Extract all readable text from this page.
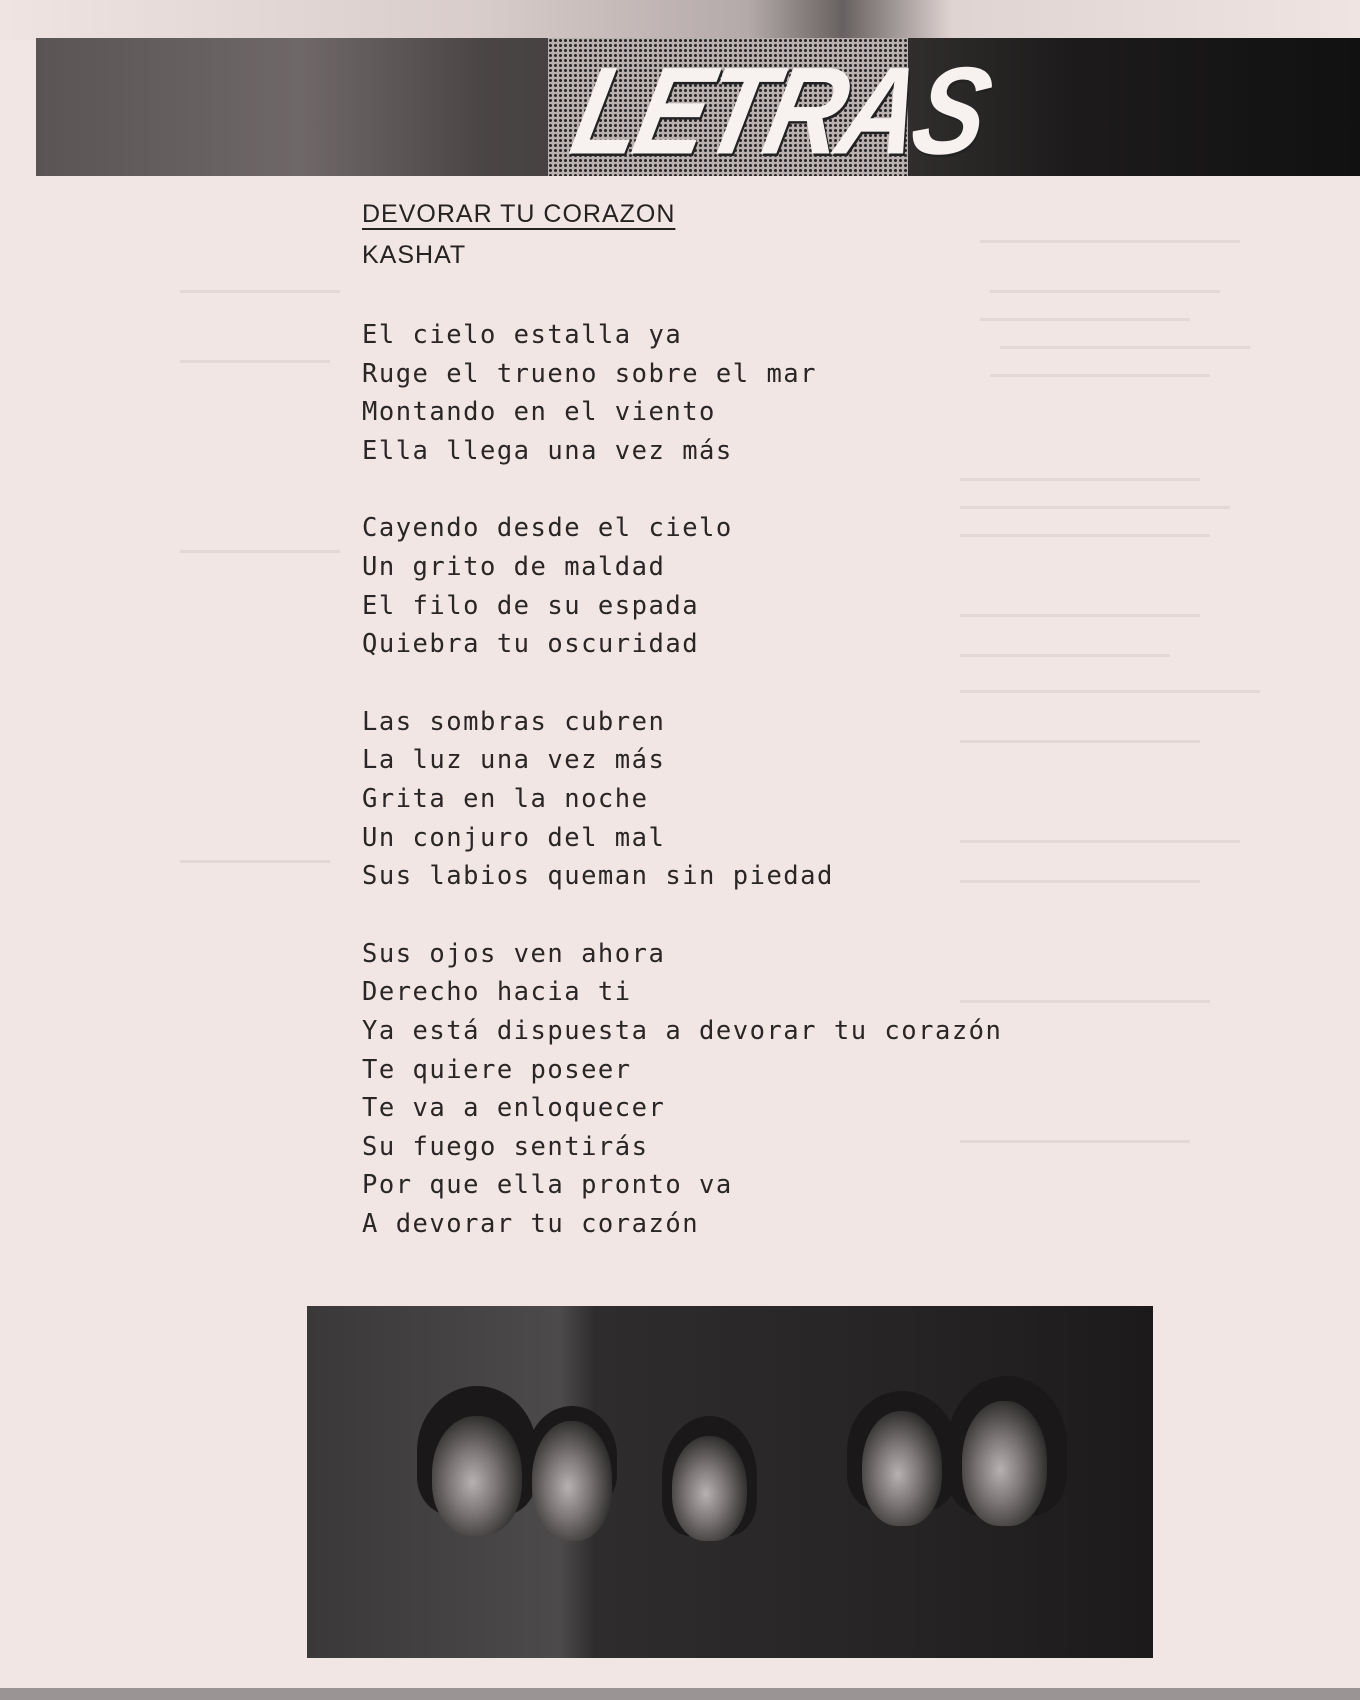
LETRAS
DEVORAR TU CORAZON
KASHAT
El cielo estalla ya
Ruge el trueno sobre el mar
Montando en el viento
Ella llega una vez más
Cayendo desde el cielo
Un grito de maldad
El filo de su espada
Quiebra tu oscuridad
Las sombras cubren
La luz una vez más
Grita en la noche
Un conjuro del mal
Sus labios queman sin piedad
Sus ojos ven ahora
Derecho hacia ti
Ya está dispuesta a devorar tu corazón
Te quiere poseer
Te va a enloquecer
Su fuego sentirás
Por que ella pronto va
A devorar tu corazón
